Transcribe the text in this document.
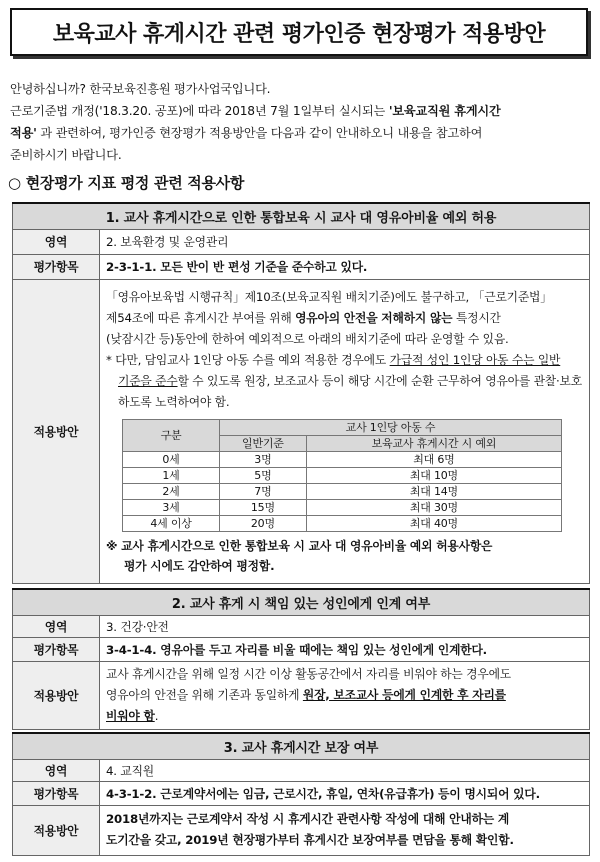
보육교사 휴게시간 관련 평가인증 현장평가 적용방안

안녕하십니까? 한국보육진흥원 평가사업국입니다.

근로기준법 개정('18.3.20. 공포)에 따라 2018년 7월 1일부터 실시되는 '보육교직원 휴게시간

적용' 과 관련하여, 평가인증 현장평가 적용방안을 다음과 같이 안내하오니 내용을 참고하여

준비하시기 바랍니다.

○ 현장평가 지표 평정 관련 적용사항
1. 교사 휴게시간으로 인한 통합보육 시 교사 대 영유아비율 예외 허용
영역	2. 보육환경 및 운영관리
평가항목	2-3-1-1. 모든 반이 반 편성 기준을 준수하고 있다.
적용방안	

「영유아보육법 시행규칙」제10조(보육교직원 배치기준)에도 불구하고, 「근로기준법」

제54조에 따른 휴게시간 부여를 위해 영유아의 안전을 저해하지 않는 특정시간

(낮잠시간 등)동안에 한하여 예외적으로 아래의 배치기준에 따라 운영할 수 있음.

* 다만, 담임교사 1인당 아동 수를 예외 적용한 경우에도 가급적 성인 1인당 아동 수는 일반

기준을 준수할 수 있도록 원장, 보조교사 등이 해당 시간에 순환 근무하여 영유아를 관찰·보호

하도록 노력하여야 함.

구분	교사 1인당 아동 수
일반기준	보육교사 휴게시간 시 예외
0세	3명	최대 6명
1세	5명	최대 10명
2세	7명	최대 14명
3세	15명	최대 30명
4세 이상	20명	최대 40명

※ 교사 휴게시간으로 인한 통합보육 시 교사 대 영유아비율 예외 허용사항은

평가 시에도 감안하여 평정함.

2. 교사 휴게 시 책임 있는 성인에게 인계 여부	
영역	3. 건강·안전
평가항목	3-4-1-4. 영유아를 두고 자리를 비울 때에는 책임 있는 성인에게 인계한다.
적용방안	교사 휴게시간을 위해 일정 시간 이상 활동공간에서 자리를 비워야 하는 경우에도

영유아의 안전을 위해 기존과 동일하게 원장, 보조교사 등에게 인계한 후 자리를

비워야 함.

3. 교사 휴게시간 보장 여부	
영역	4. 교직원
평가항목	4-3-1-2. 근로계약서에는 임금, 근로시간, 휴일, 연차(유급휴가) 등이 명시되어 있다.
적용방안	2018년까지는 근로계약서 작성 시 휴게시간 관련사항 작성에 대해 안내하는 계

도기간을 갖고, 2019년 현장평가부터 휴게시간 보장여부를 면담을 통해 확인함.
